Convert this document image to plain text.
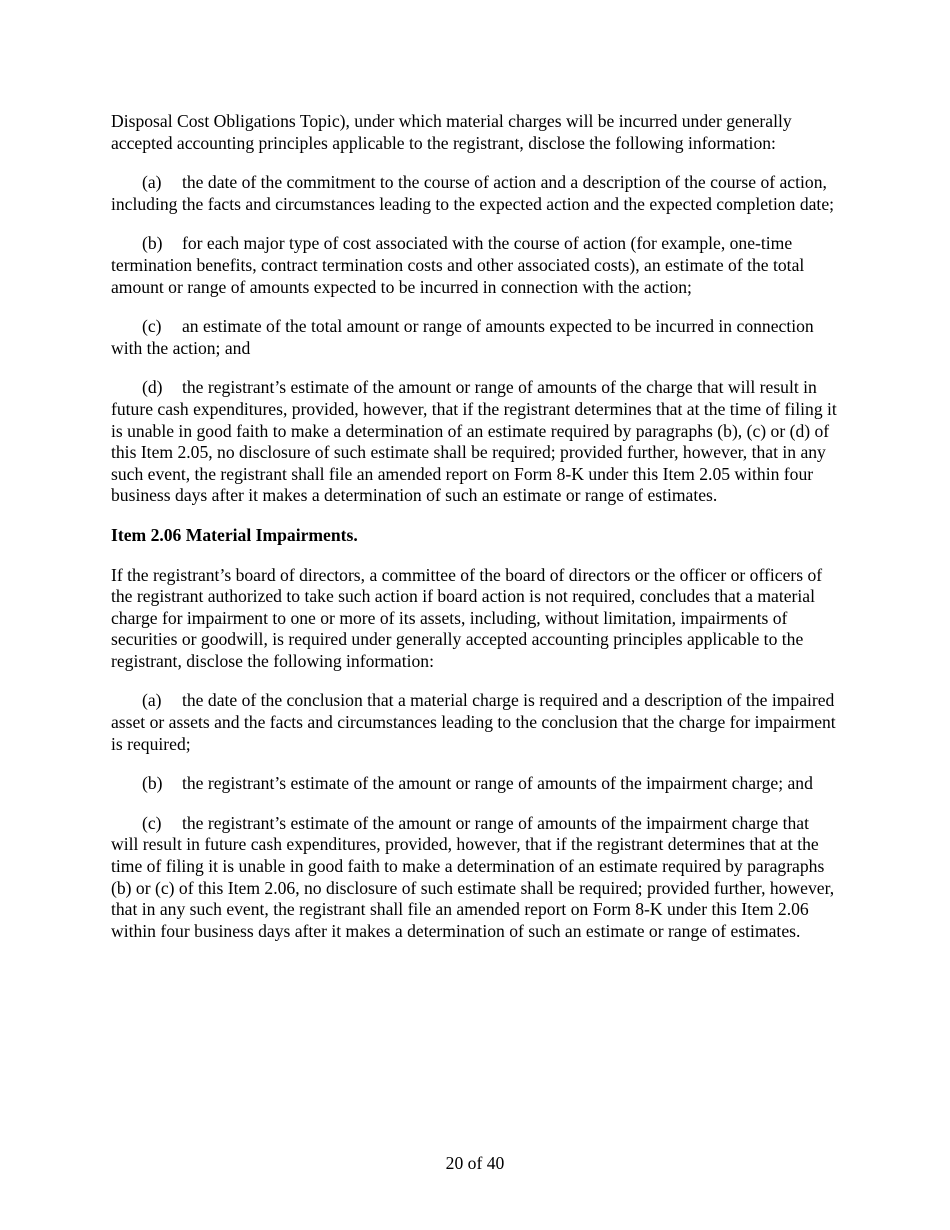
Disposal Cost Obligations Topic), under which material charges will be incurred under generally accepted accounting principles applicable to the registrant, disclose the following information:

(a) the date of the commitment to the course of action and a description of the course of action, including the facts and circumstances leading to the expected action and the expected completion date;

(b) for each major type of cost associated with the course of action (for example, one-time termination benefits, contract termination costs and other associated costs), an estimate of the total amount or range of amounts expected to be incurred in connection with the action;

(c) an estimate of the total amount or range of amounts expected to be incurred in connection with the action; and

(d) the registrant’s estimate of the amount or range of amounts of the charge that will result in future cash expenditures, provided, however, that if the registrant determines that at the time of filing it is unable in good faith to make a determination of an estimate required by paragraphs (b), (c) or (d) of this Item 2.05, no disclosure of such estimate shall be required; provided further, however, that in any such event, the registrant shall file an amended report on Form 8-K under this Item 2.05 within four business days after it makes a determination of such an estimate or range of estimates.

Item 2.06 Material Impairments.

If the registrant’s board of directors, a committee of the board of directors or the officer or officers of the registrant authorized to take such action if board action is not required, concludes that a material charge for impairment to one or more of its assets, including, without limitation, impairments of securities or goodwill, is required under generally accepted accounting principles applicable to the registrant, disclose the following information:

(a) the date of the conclusion that a material charge is required and a description of the impaired asset or assets and the facts and circumstances leading to the conclusion that the charge for impairment is required;

(b) the registrant’s estimate of the amount or range of amounts of the impairment charge; and

(c) the registrant’s estimate of the amount or range of amounts of the impairment charge that will result in future cash expenditures, provided, however, that if the registrant determines that at the time of filing it is unable in good faith to make a determination of an estimate required by paragraphs (b) or (c) of this Item 2.06, no disclosure of such estimate shall be required; provided further, however, that in any such event, the registrant shall file an amended report on Form 8-K under this Item 2.06 within four business days after it makes a determination of such an estimate or range of estimates.

20 of 40
